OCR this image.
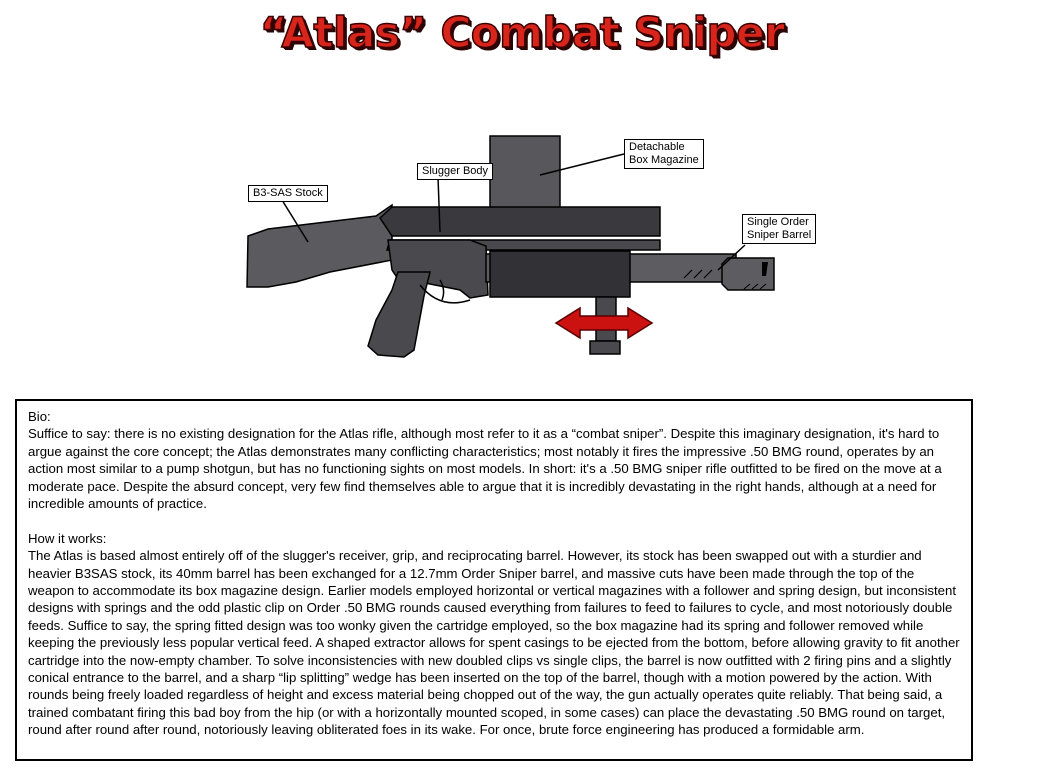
“Atlas” Combat Sniper
Detachable
Box Magazine
Slugger Body
B3-SAS Stock
Single Order
Sniper Barrel

Bio:

Suffice to say: there is no existing designation for the Atlas rifle, although most refer to it as a “combat sniper”. Despite this imaginary designation, it's hard to argue against the core concept; the Atlas demonstrates many conflicting characteristics; most notably it fires the impressive .50 BMG round, operates by an action most similar to a pump shotgun, but has no functioning sights on most models. In short: it's a .50 BMG sniper rifle outfitted to be fired on the move at a moderate pace. Despite the absurd concept, very few find themselves able to argue that it is incredibly devastating in the right hands, although at a need for incredible amounts of practice.

How it works:

The Atlas is based almost entirely off of the slugger's receiver, grip, and reciprocating barrel. However, its stock has been swapped out with a sturdier and heavier B3SAS stock, its 40mm barrel has been exchanged for a 12.7mm Order Sniper barrel, and massive cuts have been made through the top of the weapon to accommodate its box magazine design. Earlier models employed horizontal or vertical magazines with a follower and spring design, but inconsistent designs with springs and the odd plastic clip on Order .50 BMG rounds caused everything from failures to feed to failures to cycle, and most notoriously double feeds. Suffice to say, the spring fitted design was too wonky given the cartridge employed, so the box magazine had its spring and follower removed while keeping the previously less popular vertical feed. A shaped extractor allows for spent casings to be ejected from the bottom, before allowing gravity to fit another cartridge into the now-empty chamber. To solve inconsistencies with new doubled clips vs single clips, the barrel is now outfitted with 2 firing pins and a slightly conical entrance to the barrel, and a sharp “lip splitting” wedge has been inserted on the top of the barrel, though with a motion powered by the action. With rounds being freely loaded regardless of height and excess material being chopped out of the way, the gun actually operates quite reliably. That being said, a trained combatant firing this bad boy from the hip (or with a horizontally mounted scoped, in some cases) can place the devastating .50 BMG round on target, round after round after round, notoriously leaving obliterated foes in its wake. For once, brute force engineering has produced a formidable arm.
